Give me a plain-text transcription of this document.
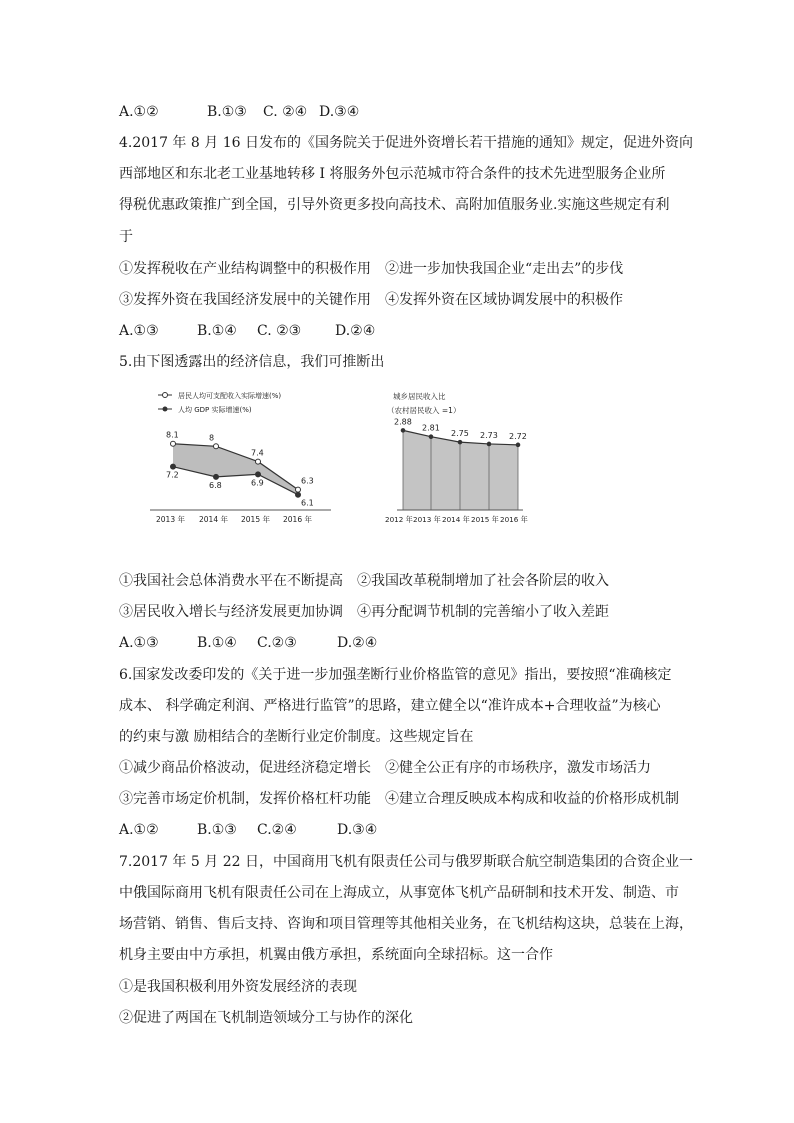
A.①②	B.①③ C. ②④ D.③④
4.2017 年 8 月 16 日发布的《国务院关于促进外资增长若干措施的通知》规定，促进外资向
西部地区和东北老工业基地转移 I 将服务外包示范城市符合条件的技术先进型服务企业所
得税优惠政策推广到全国，引导外资更多投向高技术、高附加值服务业.实施这些规定有利
于
①发挥税收在产业结构调整中的积极作用　②进一步加快我国企业“走出去”的步伐
③发挥外资在我国经济发展中的关键作用　④发挥外资在区域协调发展中的积极作
A.①③	B.①④ C. ②③ D.②④
5.由下图透露出的经济信息，我们可推断出
8.1	8
7.4
6.3
7.2
6.8	6.9
6.1
2013 年 2014 年 2015 年 2016 年
居民人均可支配收入实际增速(%)
人均 GDP 实际增速(%)
城乡居民收入比
（农村居民收入 =1）
2.88
2.81
2.75 2.73 2.72
2012 年 2013 年 2014 年 2015 年 2016 年
①我国社会总体消费水平在不断提高　②我国改革税制增加了社会各阶层的收入
③居民收入增长与经济发展更加协调　④再分配调节机制的完善缩小了收入差距
A.①③	B.①④ C.②③	D.②④
6.国家发改委印发的《关于进一步加强垄断行业价格监管的意见》指出，要按照“准确核定
成本、 科学确定利润、严格进行监管”的思路，建立健全以“准许成本+合理收益”为核心
的约束与激 励相结合的垄断行业定价制度。这些规定旨在
①减少商品价格波动，促进经济稳定增长　②健全公正有序的市场秩序，激发市场活力
③完善市场定价机制，发挥价格杠杆功能　④建立合理反映成本构成和收益的价格形成机制
A.①②	B.①③ C.②④	D.③④
7.2017 年 5 月 22 日，中国商用飞机有限责任公司与俄罗斯联合航空制造集团的合资企业一
中俄国际商用飞机有限责任公司在上海成立，从事宽体飞机产品研制和技术开发、制造、市
场营销、销售、售后支持、咨询和项目管理等其他相关业务，在飞机结构这块，总装在上海，
机身主要由中方承担，机翼由俄方承担，系统面向全球招标。这一合作
①是我国积极利用外资发展经济的表现
②促进了两国在飞机制造领域分工与协作的深化
